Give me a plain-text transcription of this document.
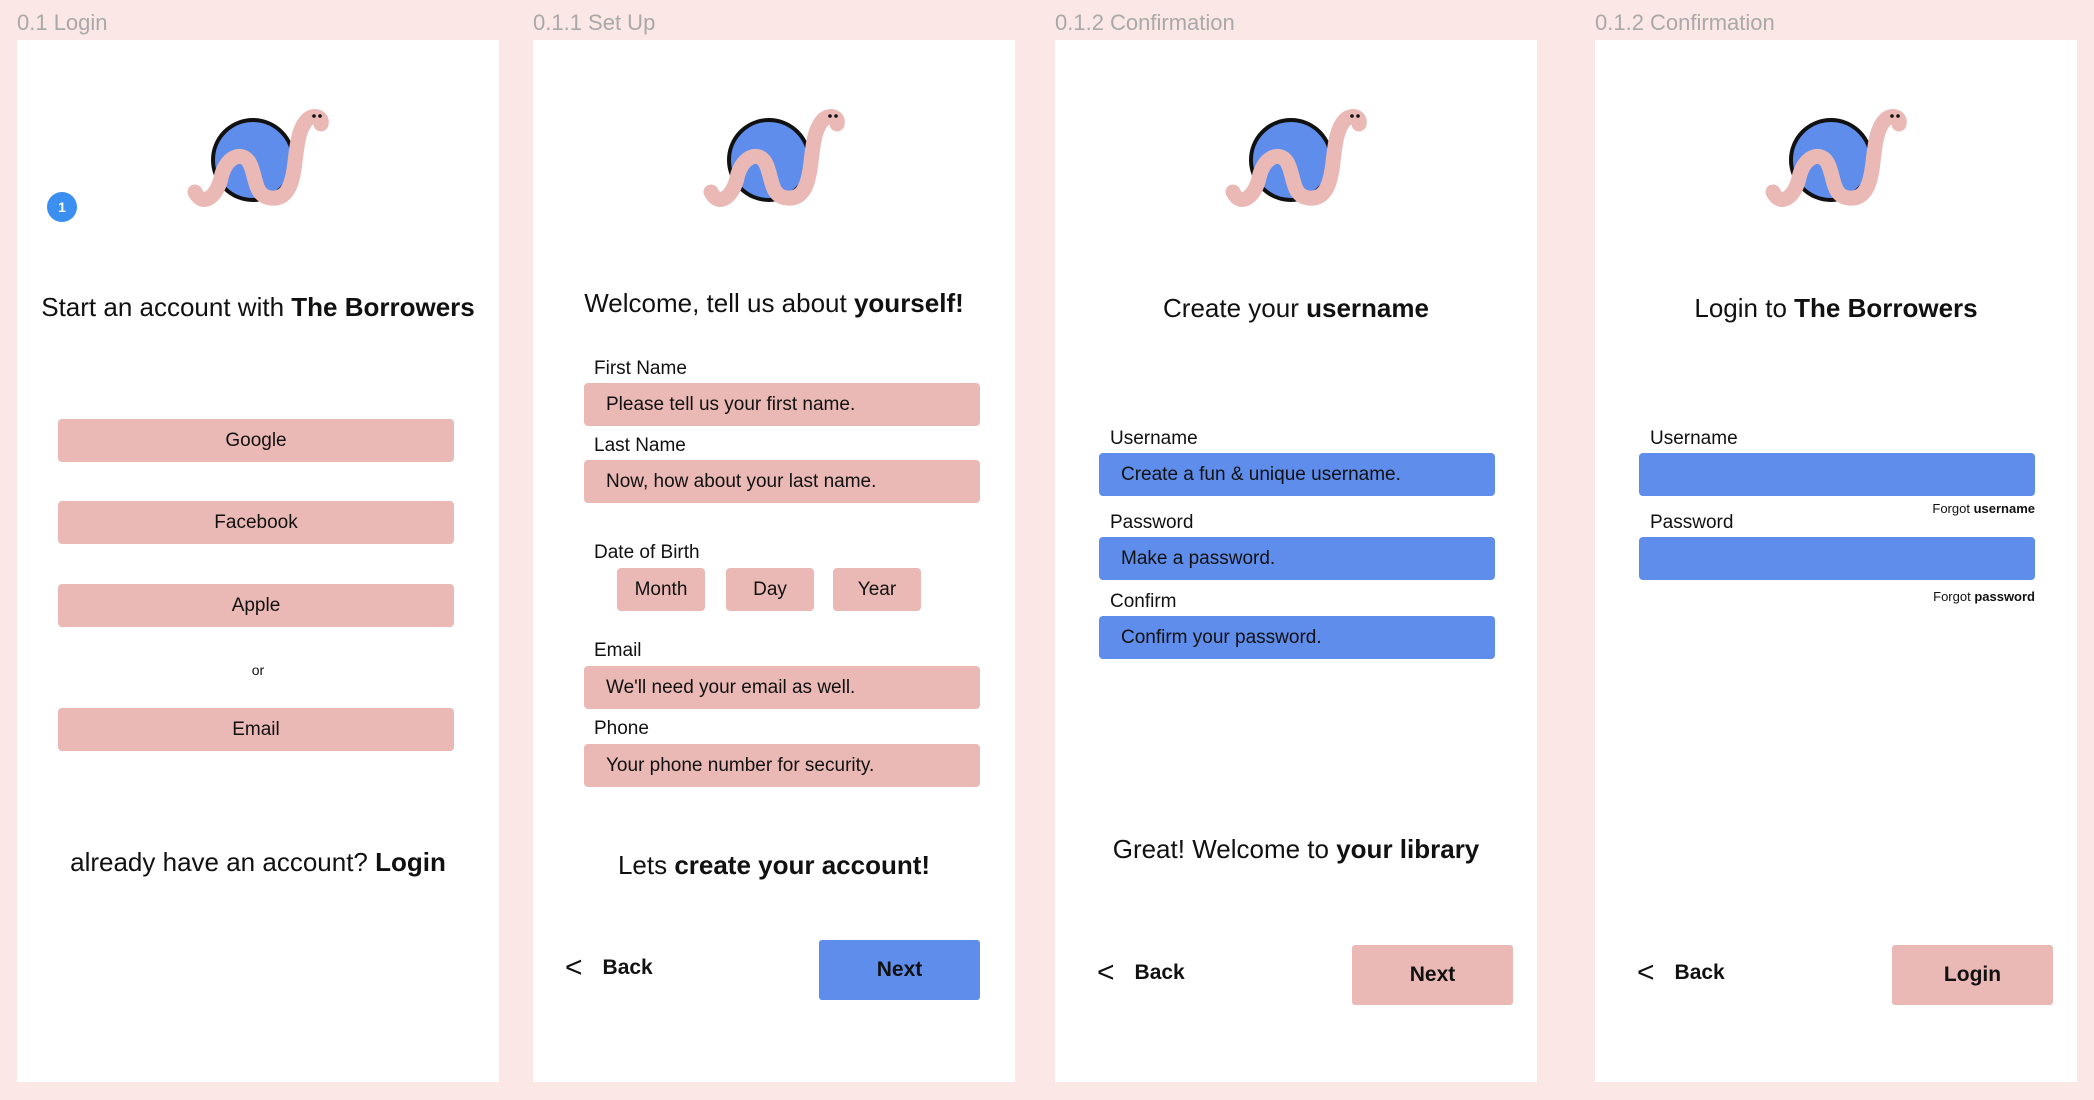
0.1 Login
1
Start an account with The Borrowers
Google
Facebook
Apple
or
Email
already have an account? Login
0.1.1 Set Up
Welcome, tell us about yourself!
First Name
Please tell us your first name.
Last Name
Now, how about your last name.
Date of Birth
Month	Day	Year
Email
We'll need your email as well.
Phone
Your phone number for security.
Lets create your account!
< Back	Next
0.1.2 Confirmation
Create your username
Username
Create a fun & unique username.
Password
Make a password.
Confirm
Confirm your password.
Great! Welcome to your library
< Back	Next
0.1.2 Confirmation
Login to The Borrowers
Username
Forgot username
Password
Forgot password
< Back	Login
